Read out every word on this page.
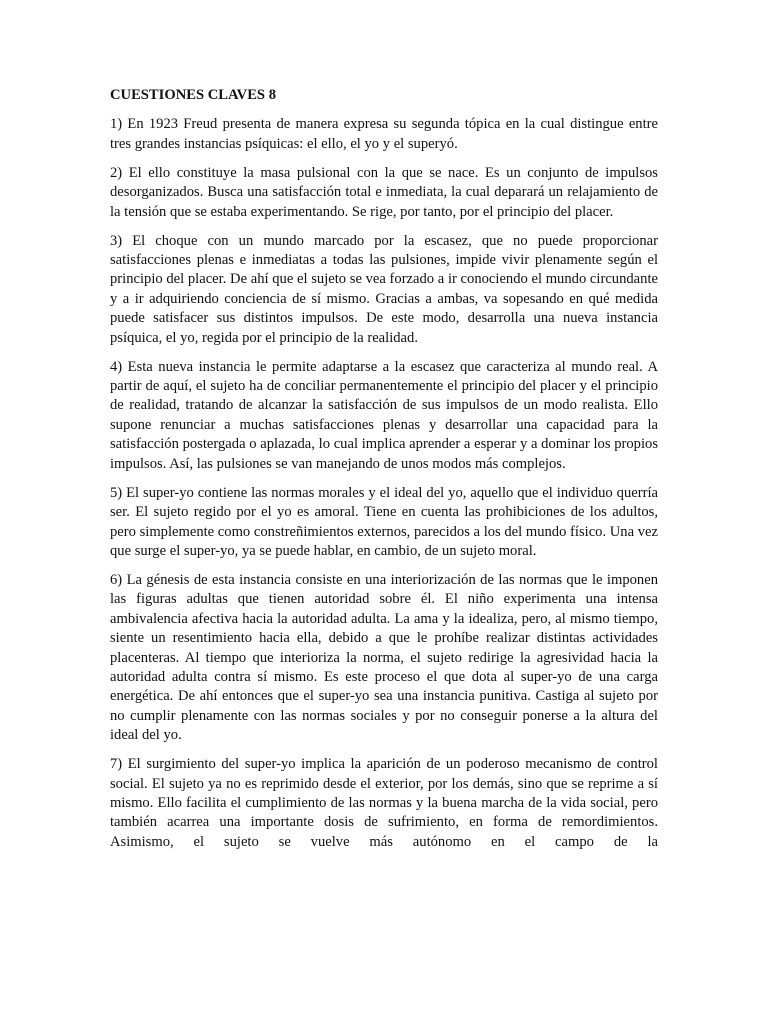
CUESTIONES CLAVES 8

1) En 1923 Freud presenta de manera expresa su segunda tópica en la cual distingue entre tres grandes instancias psíquicas: el ello, el yo y el superyó.

2) El ello constituye la masa pulsional con la que se nace. Es un conjunto de impulsos desorganizados. Busca una satisfacción total e inmediata, la cual deparará un relajamiento de la tensión que se estaba experimentando. Se rige, por tanto, por el principio del placer.

3) El choque con un mundo marcado por la escasez, que no puede proporcionar satisfacciones plenas e inmediatas a todas las pulsiones, impide vivir plenamente según el principio del placer. De ahí que el sujeto se vea forzado a ir conociendo el mundo circundante y a ir adquiriendo conciencia de sí mismo. Gracias a ambas, va sopesando en qué medida puede satisfacer sus distintos impulsos. De este modo, desarrolla una nueva instancia psíquica, el yo, regida por el principio de la realidad.

4) Esta nueva instancia le permite adaptarse a la escasez que caracteriza al mundo real. A partir de aquí, el sujeto ha de conciliar permanentemente el principio del placer y el principio de realidad, tratando de alcanzar la satisfacción de sus impulsos de un modo realista. Ello supone renunciar a muchas satisfacciones plenas y desarrollar una capacidad para la satisfacción postergada o aplazada, lo cual implica aprender a esperar y a dominar los propios impulsos. Así, las pulsiones se van manejando de unos modos más complejos.

5) El super-yo contiene las normas morales y el ideal del yo, aquello que el individuo querría ser. El sujeto regido por el yo es amoral. Tiene en cuenta las prohibiciones de los adultos, pero simplemente como constreñimientos externos, parecidos a los del mundo físico. Una vez que surge el super-yo, ya se puede hablar, en cambio, de un sujeto moral.

6) La génesis de esta instancia consiste en una interiorización de las normas que le imponen las figuras adultas que tienen autoridad sobre él. El niño experimenta una intensa ambivalencia afectiva hacia la autoridad adulta. La ama y la idealiza, pero, al mismo tiempo, siente un resentimiento hacia ella, debido a que le prohíbe realizar distintas actividades placenteras. Al tiempo que interioriza la norma, el sujeto redirige la agresividad hacia la autoridad adulta contra sí mismo. Es este proceso el que dota al super-yo de una carga energética. De ahí entonces que el super-yo sea una instancia punitiva. Castiga al sujeto por no cumplir plenamente con las normas sociales y por no conseguir ponerse a la altura del ideal del yo.

7) El surgimiento del super-yo implica la aparición de un poderoso mecanismo de control social. El sujeto ya no es reprimido desde el exterior, por los demás, sino que se reprime a sí mismo. Ello facilita el cumplimiento de las normas y la buena marcha de la vida social, pero también acarrea una importante dosis de sufrimiento, en forma de remordimientos. Asimismo, el sujeto se vuelve más autónomo en el campo de la
